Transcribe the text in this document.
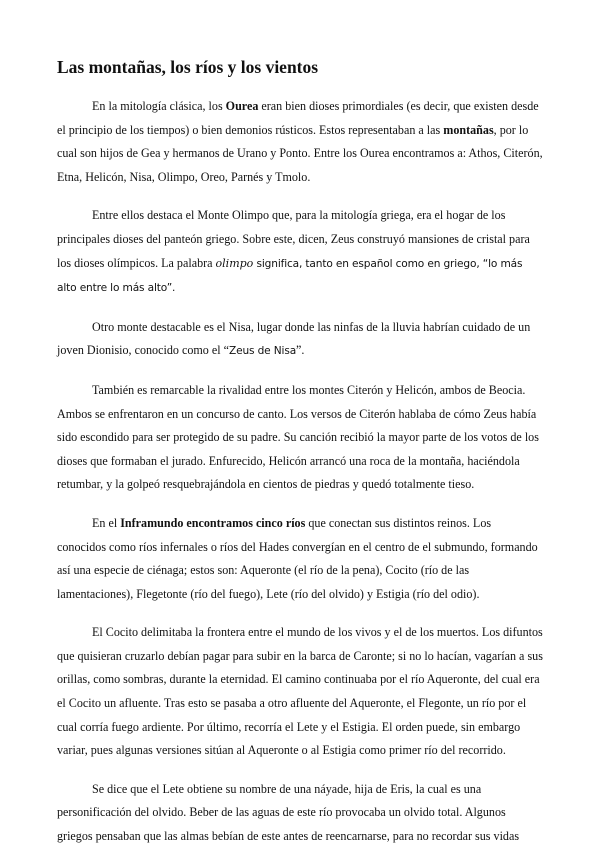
Las montañas, los ríos y los vientos

En la mitología clásica, los Ourea eran bien dioses primordiales (es decir, que existen desde el principio de los tiempos) o bien demonios rústicos. Estos representaban a las montañas, por lo cual son hijos de Gea y hermanos de Urano y Ponto. Entre los Ourea encontramos a: Athos, Citerón, Etna, Helicón, Nisa, Olimpo, Oreo, Parnés y Tmolo.

Entre ellos destaca el Monte Olimpo que, para la mitología griega, era el hogar de los principales dioses del panteón griego. Sobre este, dicen, Zeus construyó mansiones de cristal para los dioses olímpicos. La palabra olimpo significa, tanto en español como en griego, “lo más alto entre lo más alto”.

Otro monte destacable es el Nisa, lugar donde las ninfas de la lluvia habrían cuidado de un joven Dionisio, conocido como el “Zeus de Nisa”.

También es remarcable la rivalidad entre los montes Citerón y Helicón, ambos de Beocia. Ambos se enfrentaron en un concurso de canto. Los versos de Citerón hablaba de cómo Zeus había sido escondido para ser protegido de su padre. Su canción recibió la mayor parte de los votos de los dioses que formaban el jurado. Enfurecido, Helicón arrancó una roca de la montaña, haciéndola retumbar, y la golpeó resquebrajándola en cientos de piedras y quedó totalmente tieso.

En el Inframundo encontramos cinco ríos que conectan sus distintos reinos. Los conocidos como ríos infernales o ríos del Hades convergían en el centro de el submundo, formando así una especie de ciénaga; estos son: Aqueronte (el río de la pena), Cocito (río de las lamentaciones), Flegetonte (río del fuego), Lete (río del olvido) y Estigia (río del odio).

El Cocito delimitaba la frontera entre el mundo de los vivos y el de los muertos. Los difuntos que quisieran cruzarlo debían pagar para subir en la barca de Caronte; si no lo hacían, vagarían a sus orillas, como sombras, durante la eternidad. El camino continuaba por el río Aqueronte, del cual era el Cocito un afluente. Tras esto se pasaba a otro afluente del Aqueronte, el Flegonte, un río por el cual corría fuego ardiente. Por último, recorría el Lete y el Estigia. El orden puede, sin embargo variar, pues algunas versiones sitúan al Aqueronte o al Estigia como primer río del recorrido.

Se dice que el Lete obtiene su nombre de una náyade, hija de Eris, la cual es una personificación del olvido. Beber de las aguas de este río provocaba un olvido total. Algunos griegos pensaban que las almas bebían de este antes de reencarnarse, para no recordar sus vidas
